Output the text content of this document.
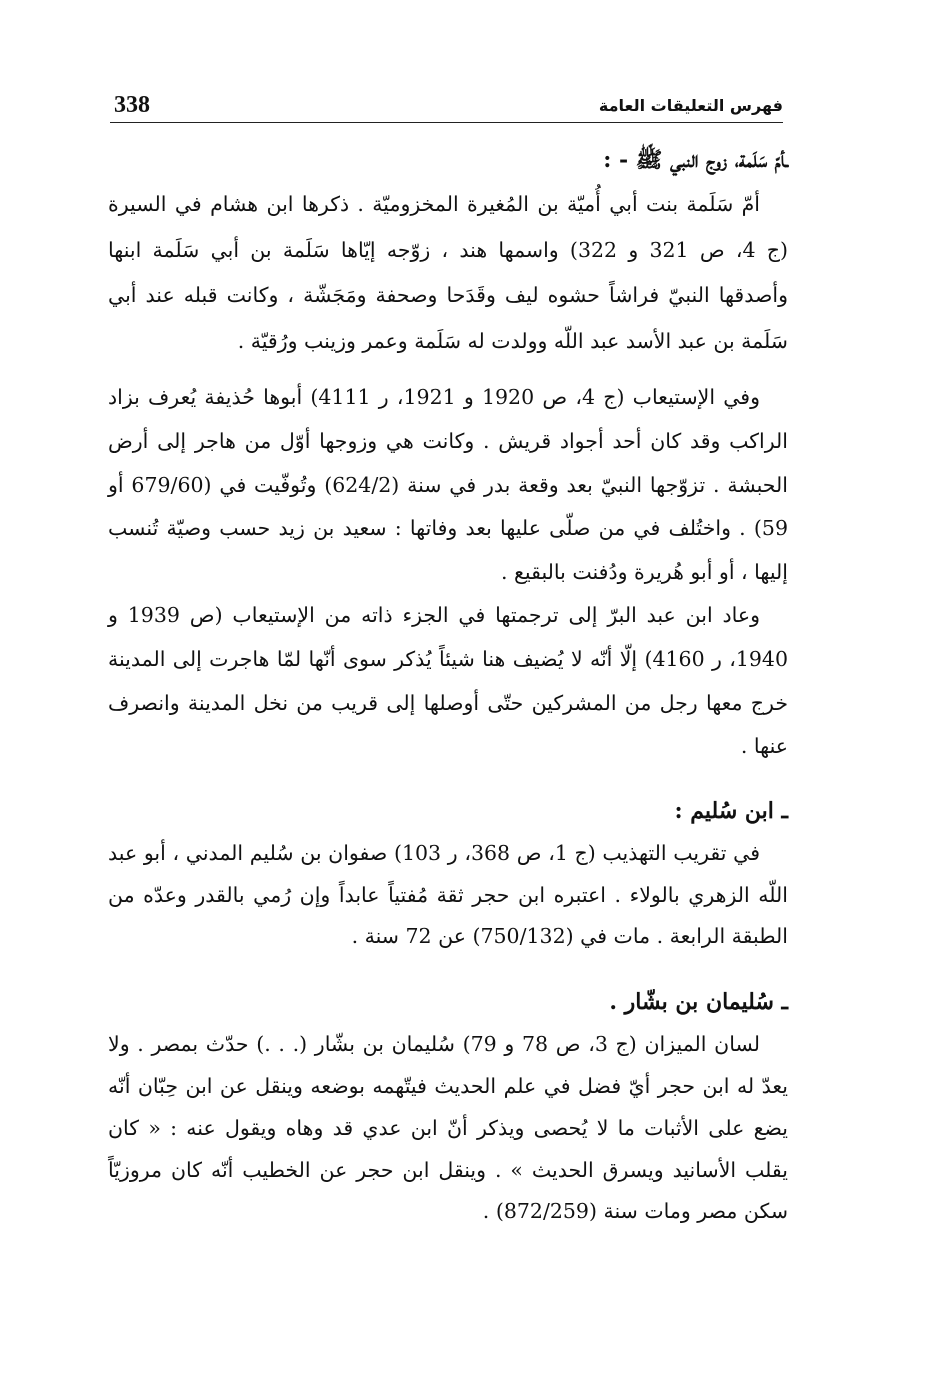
338	فهرس التعليقات العامة

ـأمّ سَلَمة، زوج النبي ﷺ - :

أمّ سَلَمة بنت أبي أُميّة بن المُغيرة المخزوميّة . ذكرها ابن هشام في السيرة (ج 4، ص 321 و 322) واسمها هند ، زوّجه إيّاها سَلَمة بن أبي سَلَمة ابنها وأصدقها النبيّ فراشاً حشوه ليف وقَدَحا وصحفة ومَجَشّة ، وكانت قبله عند أبي سَلَمة بن عبد الأسد عبد اللّه وولدت له سَلَمة وعمر وزينب ورُقيّة .

وفي الإستيعاب (ج 4، ص 1920 و 1921، ر 4111) أبوها حُذيفة يُعرف بزاد الراكب وقد كان أحد أجواد قريش . وكانت هي وزوجها أوّل من هاجر إلى أرض الحبشة . تزوّجها النبيّ بعد وقعة بدر في سنة (624/2) وتُوفّيت في (679/60 أو 59) . واختُلف في من صلّى عليها بعد وفاتها : سعيد بن زيد حسب وصيّة تُنسب إليها ، أو أبو هُريرة ودُفنت بالبقيع .

وعاد ابن عبد البرّ إلى ترجمتها في الجزء ذاته من الإستيعاب (ص 1939 و 1940، ر 4160) إلّا أنّه لا يُضيف هنا شيئاً يُذكر سوى أنّها لمّا هاجرت إلى المدينة خرج معها رجل من المشركين حتّى أوصلها إلى قريب من نخل المدينة وانصرف عنها .

ـ ابن سُليم :

في تقريب التهذيب (ج 1، ص 368، ر 103) صفوان بن سُليم المدني ، أبو عبد اللّه الزهري بالولاء . اعتبره ابن حجر ثقة مُفتياً عابداً وإن رُمي بالقدر وعدّه من الطبقة الرابعة . مات في (750/132) عن 72 سنة .

ـ سُليمان بن بشّار .

لسان الميزان (ج 3، ص 78 و 79) سُليمان بن بشّار (. . .) حدّث بمصر . ولا يعدّ له ابن حجر أيّ فضل في علم الحديث فيتّهمه بوضعه وينقل عن ابن حِبّان أنّه يضع على الأثبات ما لا يُحصى ويذكر أنّ ابن عدي قد وهاه ويقول عنه : « كان يقلب الأسانيد ويسرق الحديث » . وينقل ابن حجر عن الخطيب أنّه كان مروزيّاً سكن مصر ومات سنة (872/259) .
